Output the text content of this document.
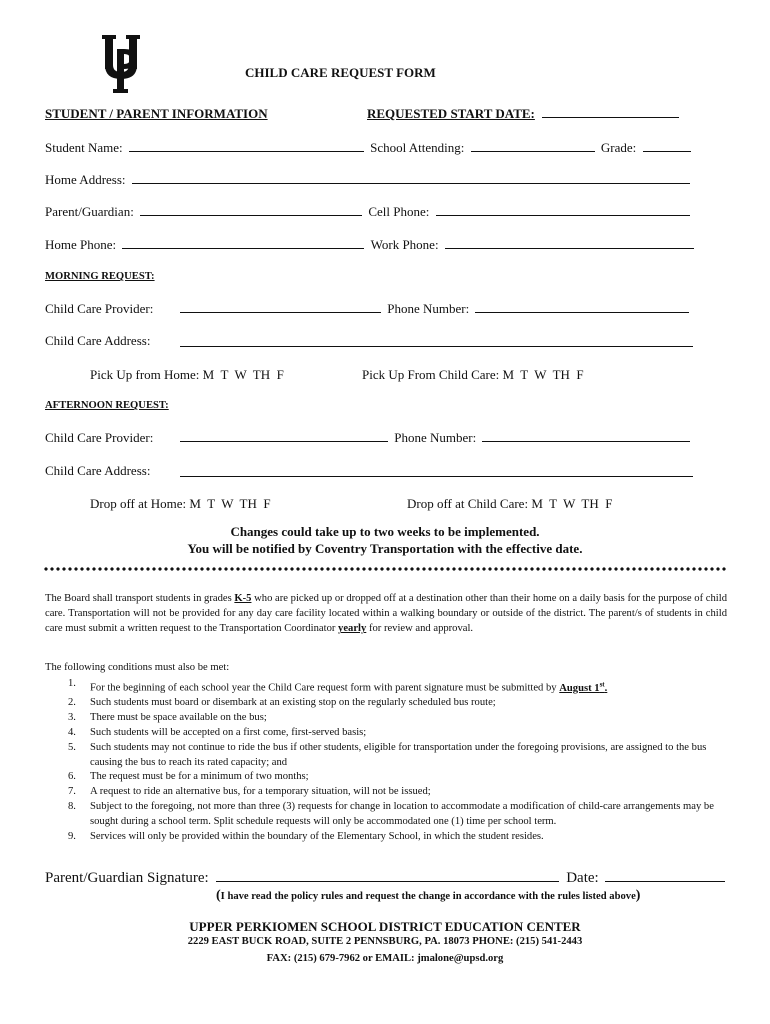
CHILD CARE REQUEST FORM
STUDENT / PARENT INFORMATION	REQUESTED START DATE:
Student Name:	School Attending:	Grade:
Home Address:
Parent/Guardian:	Cell Phone:
Home Phone:	Work Phone:
MORNING REQUEST:
Child Care Provider:	Phone Number:
Child Care Address:
Pick Up from Home: M  T  W  TH  F	Pick Up From Child Care: M  T  W  TH  F
AFTERNOON REQUEST:
Child Care Provider:	Phone Number:
Child Care Address:
Drop off at Home: M  T  W  TH  F	Drop off at Child Care: M  T  W  TH  F
Changes could take up to two weeks to be implemented.
You will be notified by Coventry Transportation with the effective date.
The Board shall transport students in grades K-5 who are picked up or dropped off at a destination other than their home on a daily basis for the purpose of child care. Transportation will not be provided for any day care facility located within a walking boundary or outside of the district. The parent/s of students in child care must submit a written request to the Transportation Coordinator yearly for review and approval.
The following conditions must also be met:
1. For the beginning of each school year the Child Care request form with parent signature must be submitted by August 1st.
2. Such students must board or disembark at an existing stop on the regularly scheduled bus route;
3. There must be space available on the bus;
4. Such students will be accepted on a first come, first-served basis;
5. Such students may not continue to ride the bus if other students, eligible for transportation under the foregoing provisions, are assigned to the bus causing the bus to reach its rated capacity; and
6. The request must be for a minimum of two months;
7. A request to ride an alternative bus, for a temporary situation, will not be issued;
8. Subject to the foregoing, not more than three (3) requests for change in location to accommodate a modification of child-care arrangements may be sought during a school term. Split schedule requests will only be accommodated one (1) time per school term.
9. Services will only be provided within the boundary of the Elementary School, in which the student resides.
Parent/Guardian Signature:	Date:
(I have read the policy rules and request the change in accordance with the rules listed above)
UPPER PERKIOMEN SCHOOL DISTRICT EDUCATION CENTER
2229 EAST BUCK ROAD, SUITE 2 PENNSBURG, PA. 18073 PHONE: (215) 541-2443
FAX: (215) 679-7962 or EMAIL: jmalone@upsd.org
